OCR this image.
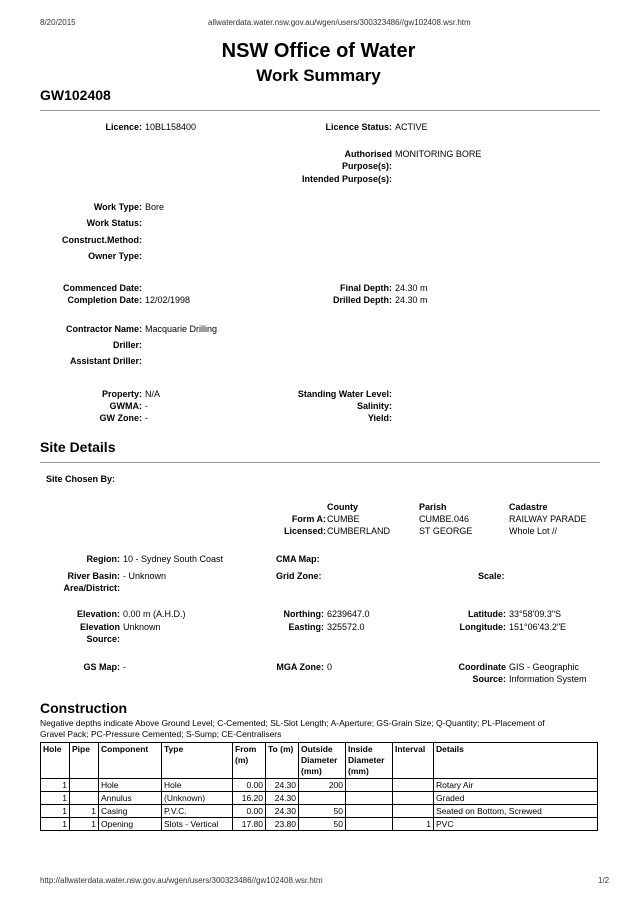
8/20/2015	allwaterdata.water.nsw.gov.au/wgen/users/300323486//gw102408.wsr.htm
NSW Office of Water
Work Summary
GW102408
Licence: 10BL158400	Licence Status: ACTIVE
Authorised MONITORING BORE
Purpose(s):
Intended Purpose(s):
Work Type: Bore
Work Status:
Construct.Method:
Owner Type:
Commenced Date:
Completion Date: 12/02/1998
Final Depth: 24.30 m
Drilled Depth: 24.30 m
Contractor Name: Macquarie Drilling
Driller:
Assistant Driller:
Property: N/A
GWMA: -
GW Zone: -
Standing Water Level:
Salinity:
Yield:
Site Details
Site Chosen By:
County	Parish	Cadastre
Form A: CUMBE	CUMBE.046	RAILWAY PARADE
Licensed: CUMBERLAND	ST GEORGE	Whole Lot //
Region: 10 - Sydney South Coast	CMA Map:
River Basin: - Unknown
Area/District:
Grid Zone:	Scale:
Elevation: 0.00 m (A.H.D.)
Elevation Unknown
Source:
Northing: 6239647.0
Easting: 325572.0
Latitude: 33°58'09.3"S
Longitude: 151°06'43.2"E
GS Map: -	MGA Zone: 0	Coordinate
Source:
GIS - Geographic
Information System
Construction
Negative depths indicate Above Ground Level; C-Cemented; SL-Slot Length; A-Aperture; GS-Grain Size; Q-Quantity; PL-Placement of
Gravel Pack; PC-Pressure Cemented; S-Sump; CE-Centralisers
Hole	Pipe	Component	Type	From (m)	To (m)	Outside Diameter (mm)	Inside Diameter (mm)	Interval	Details
1		Hole	Hole	0.00	24.30	200			Rotary Air
1		Annulus	(Unknown)	16.20	24.30				Graded
1	1	Casing	P.V.C.	0.00	24.30	50			Seated on Bottom, Screwed
1	1	Opening	Slots - Vertical	17.80	23.80	50		1	PVC
http://allwaterdata.water.nsw.gov.au/wgen/users/300323486//gw102408.wsr.htm	1/2
